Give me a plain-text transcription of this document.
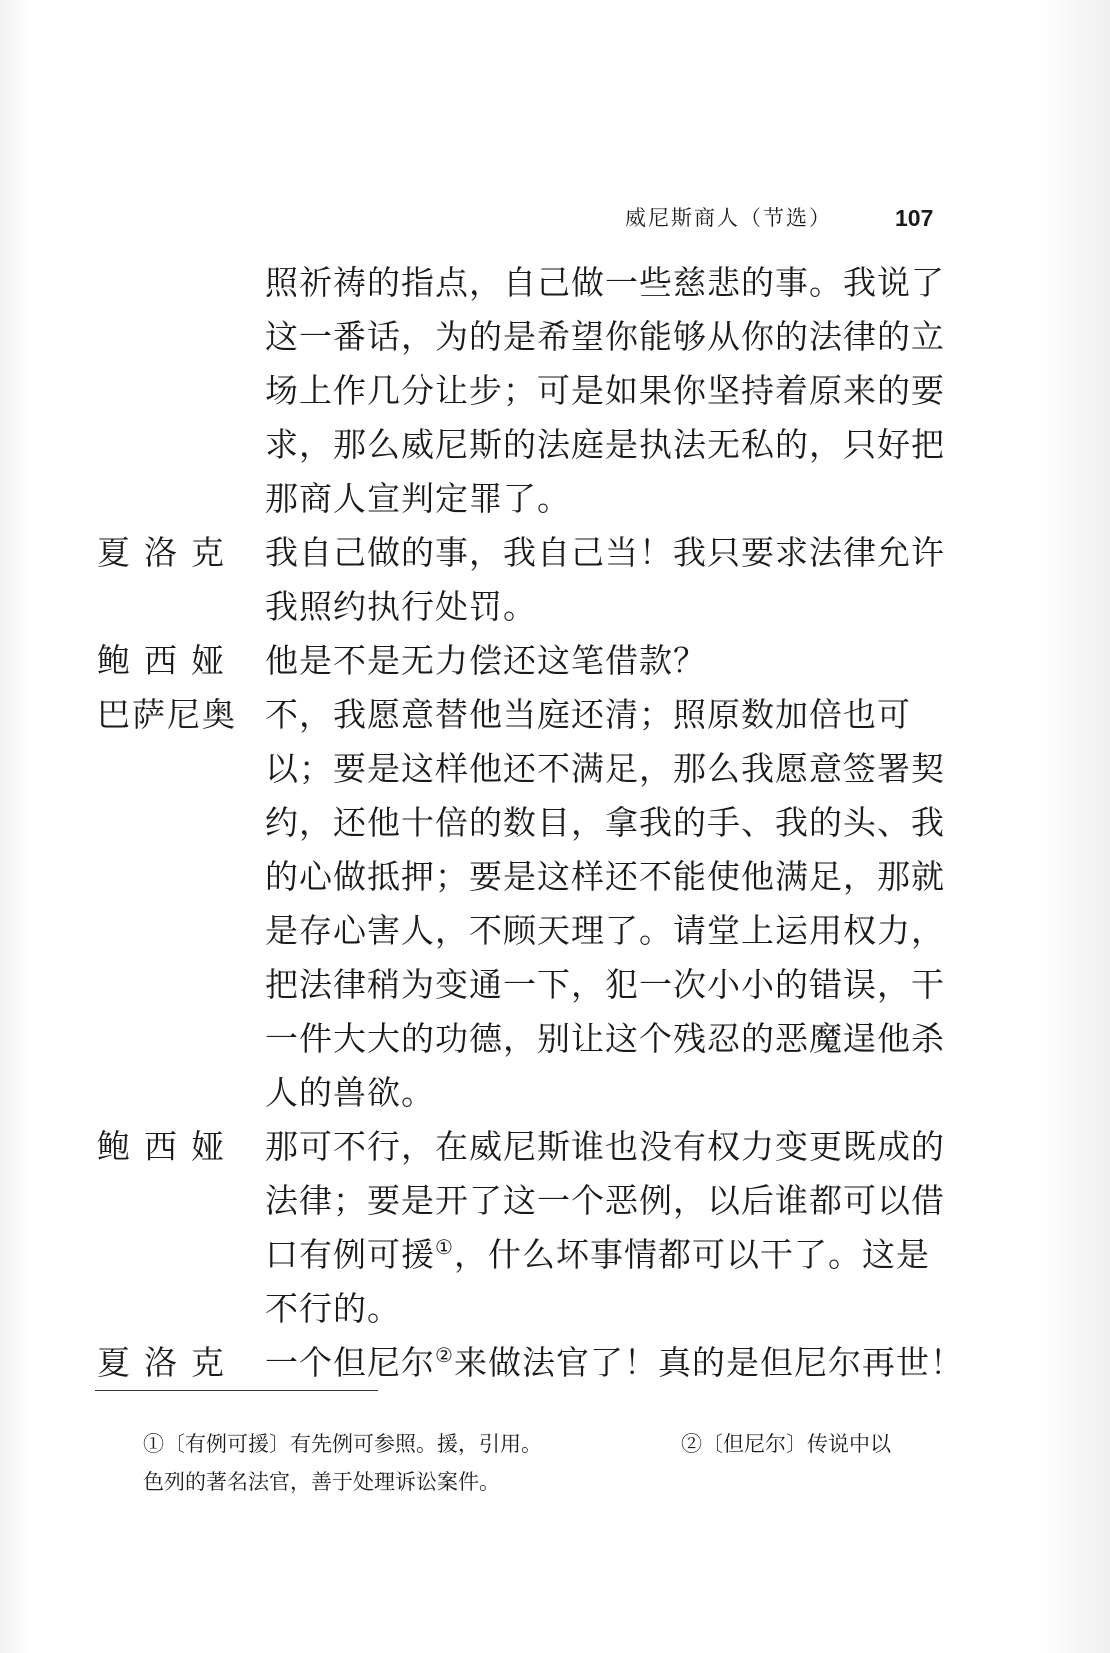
威尼斯商人（节选）	107
照祈祷的指点，自己做一些慈悲的事。我说了
这一番话，为的是希望你能够从你的法律的立
场上作几分让步；可是如果你坚持着原来的要
求，那么威尼斯的法庭是执法无私的，只好把
那商人宣判定罪了。
夏洛克 我自己做的事，我自己当！我只要求法律允许
我照约执行处罚。
鲍西娅 他是不是无力偿还这笔借款？
巴萨尼奥 不，我愿意替他当庭还清；照原数加倍也可
以；要是这样他还不满足，那么我愿意签署契
约，还他十倍的数目，拿我的手、我的头、我
的心做抵押；要是这样还不能使他满足，那就
是存心害人，不顾天理了。请堂上运用权力，
把法律稍为变通一下，犯一次小小的错误，干
一件大大的功德，别让这个残忍的恶魔逞他杀
人的兽欲。
鲍西娅 那可不行，在威尼斯谁也没有权力变更既成的
法律；要是开了这一个恶例，以后谁都可以借
口有例可援①，什么坏事情都可以干了。这是
不行的。
夏洛克 一个但尼尔②来做法官了！真的是但尼尔再世！
①〔有例可援〕有先例可参照。援，引用。	②〔但尼尔〕传说中以
色列的著名法官，善于处理诉讼案件。
